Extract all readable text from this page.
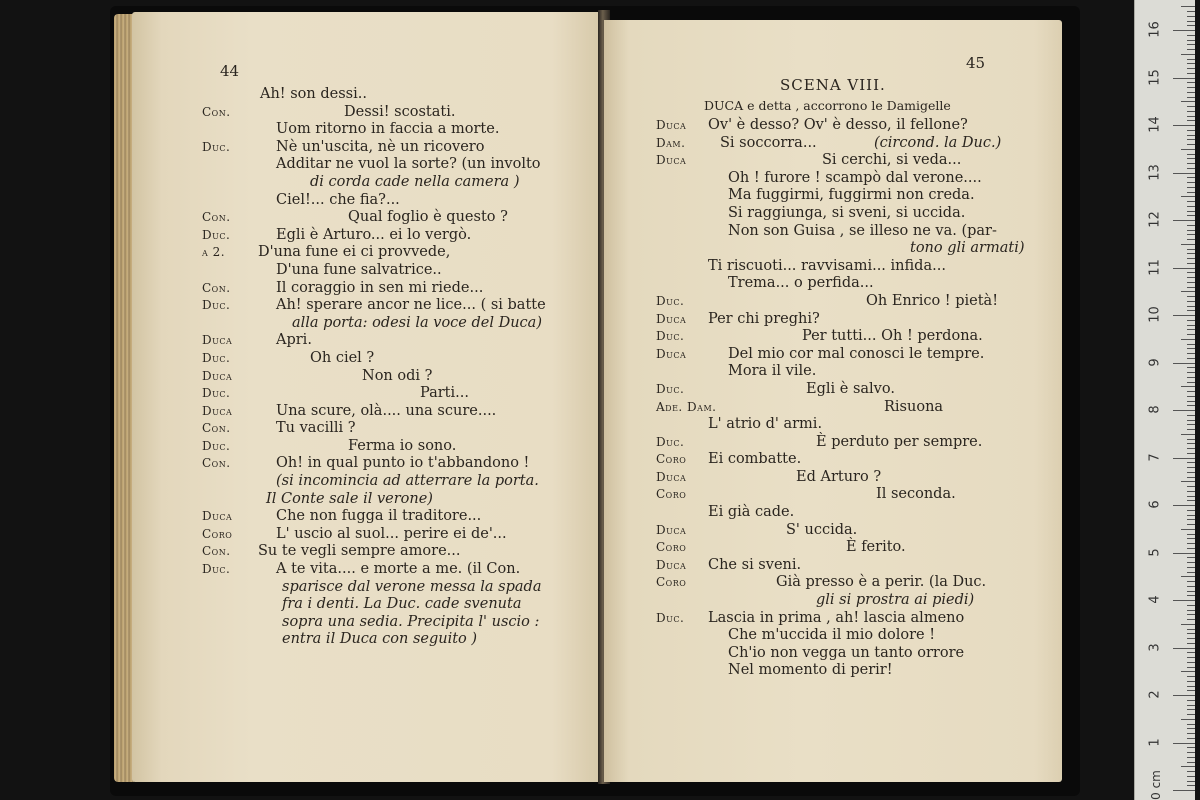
44
Ah! son dessi..
Con.	Dessi! scostati.
Uom ritorno in faccia a morte.
Duc.	Nè un'uscita, nè un ricovero
Additar ne vuol la sorte? (un involto
di corda cade nella camera )
Ciel!... che fia?...
Con.	Qual foglio è questo ?
Duc.	Egli è Arturo... ei lo vergò.
a 2. D'una fune ei ci provvede,
D'una fune salvatrice..
Con.	Il coraggio in sen mi riede...
Duc.	Ah! sperare ancor ne lice... ( si batte
alla porta: odesi la voce del Duca)
Duca	Apri.
Duc.	Oh ciel ?
Duca	Non odi ?
Duc.	Parti...
Duca	Una scure, olà.... una scure....
Con.	Tu vacilli ?
Duc.	Ferma io sono.
Con.	Oh! in qual punto io t'abbandono !
(si incomincia ad atterrare la porta.
Il Conte sale il verone)
Duca	Che non fugga il traditore...
Coro	L' uscio al suol... perire ei de'...
Con. Su te vegli sempre amore...
Duc.	A te vita.... e morte a me. (il Con.
sparisce dal verone messa la spada
fra i denti. La Duc. cade svenuta
sopra una sedia. Precipita l' uscio :
entra il Duca con seguito )
45
SCENA VIII.
DUCA e detta , accorrono le Damigelle
Duca Ov' è desso? Ov' è desso, il fellone?
Dam. Si soccorra...	(circond. la Duc.)
Duca	Si cerchi, si veda...
Oh ! furore ! scampò dal verone....
Ma fuggirmi, fuggirmi non creda.
Si raggiunga, si sveni, si uccida.
Non son Guisa , se illeso ne va. (par-
tono gli armati)
Ti riscuoti... ravvisami... infida...
Trema... o perfida...
Duc.	Oh Enrico ! pietà!
Duca Per chi preghi?
Duc.	Per tutti... Oh ! perdona.
Duca	Del mio cor mal conosci le tempre.
Mora il vile.
Duc.	Egli è salvo.
Ade. Dam.	Risuona
L' atrio d' armi.
Duc.	È perduto per sempre.
Coro Ei combatte.
Duca	Ed Arturo ?
Coro	Il seconda.
Ei già cade.
Duca	S' uccida.
Coro	È ferito.
Duca Che si sveni.
Coro	Già presso è a perir. (la Duc.
gli si prostra ai piedi)
Duc. Lascia in prima , ah! lascia almeno
Che m'uccida il mio dolore !
Ch'io non vegga un tanto orrore
Nel momento di perir!
0 cm
1
2
3
4
5
6
7
8
9
10
11
12
13
14
15
16
